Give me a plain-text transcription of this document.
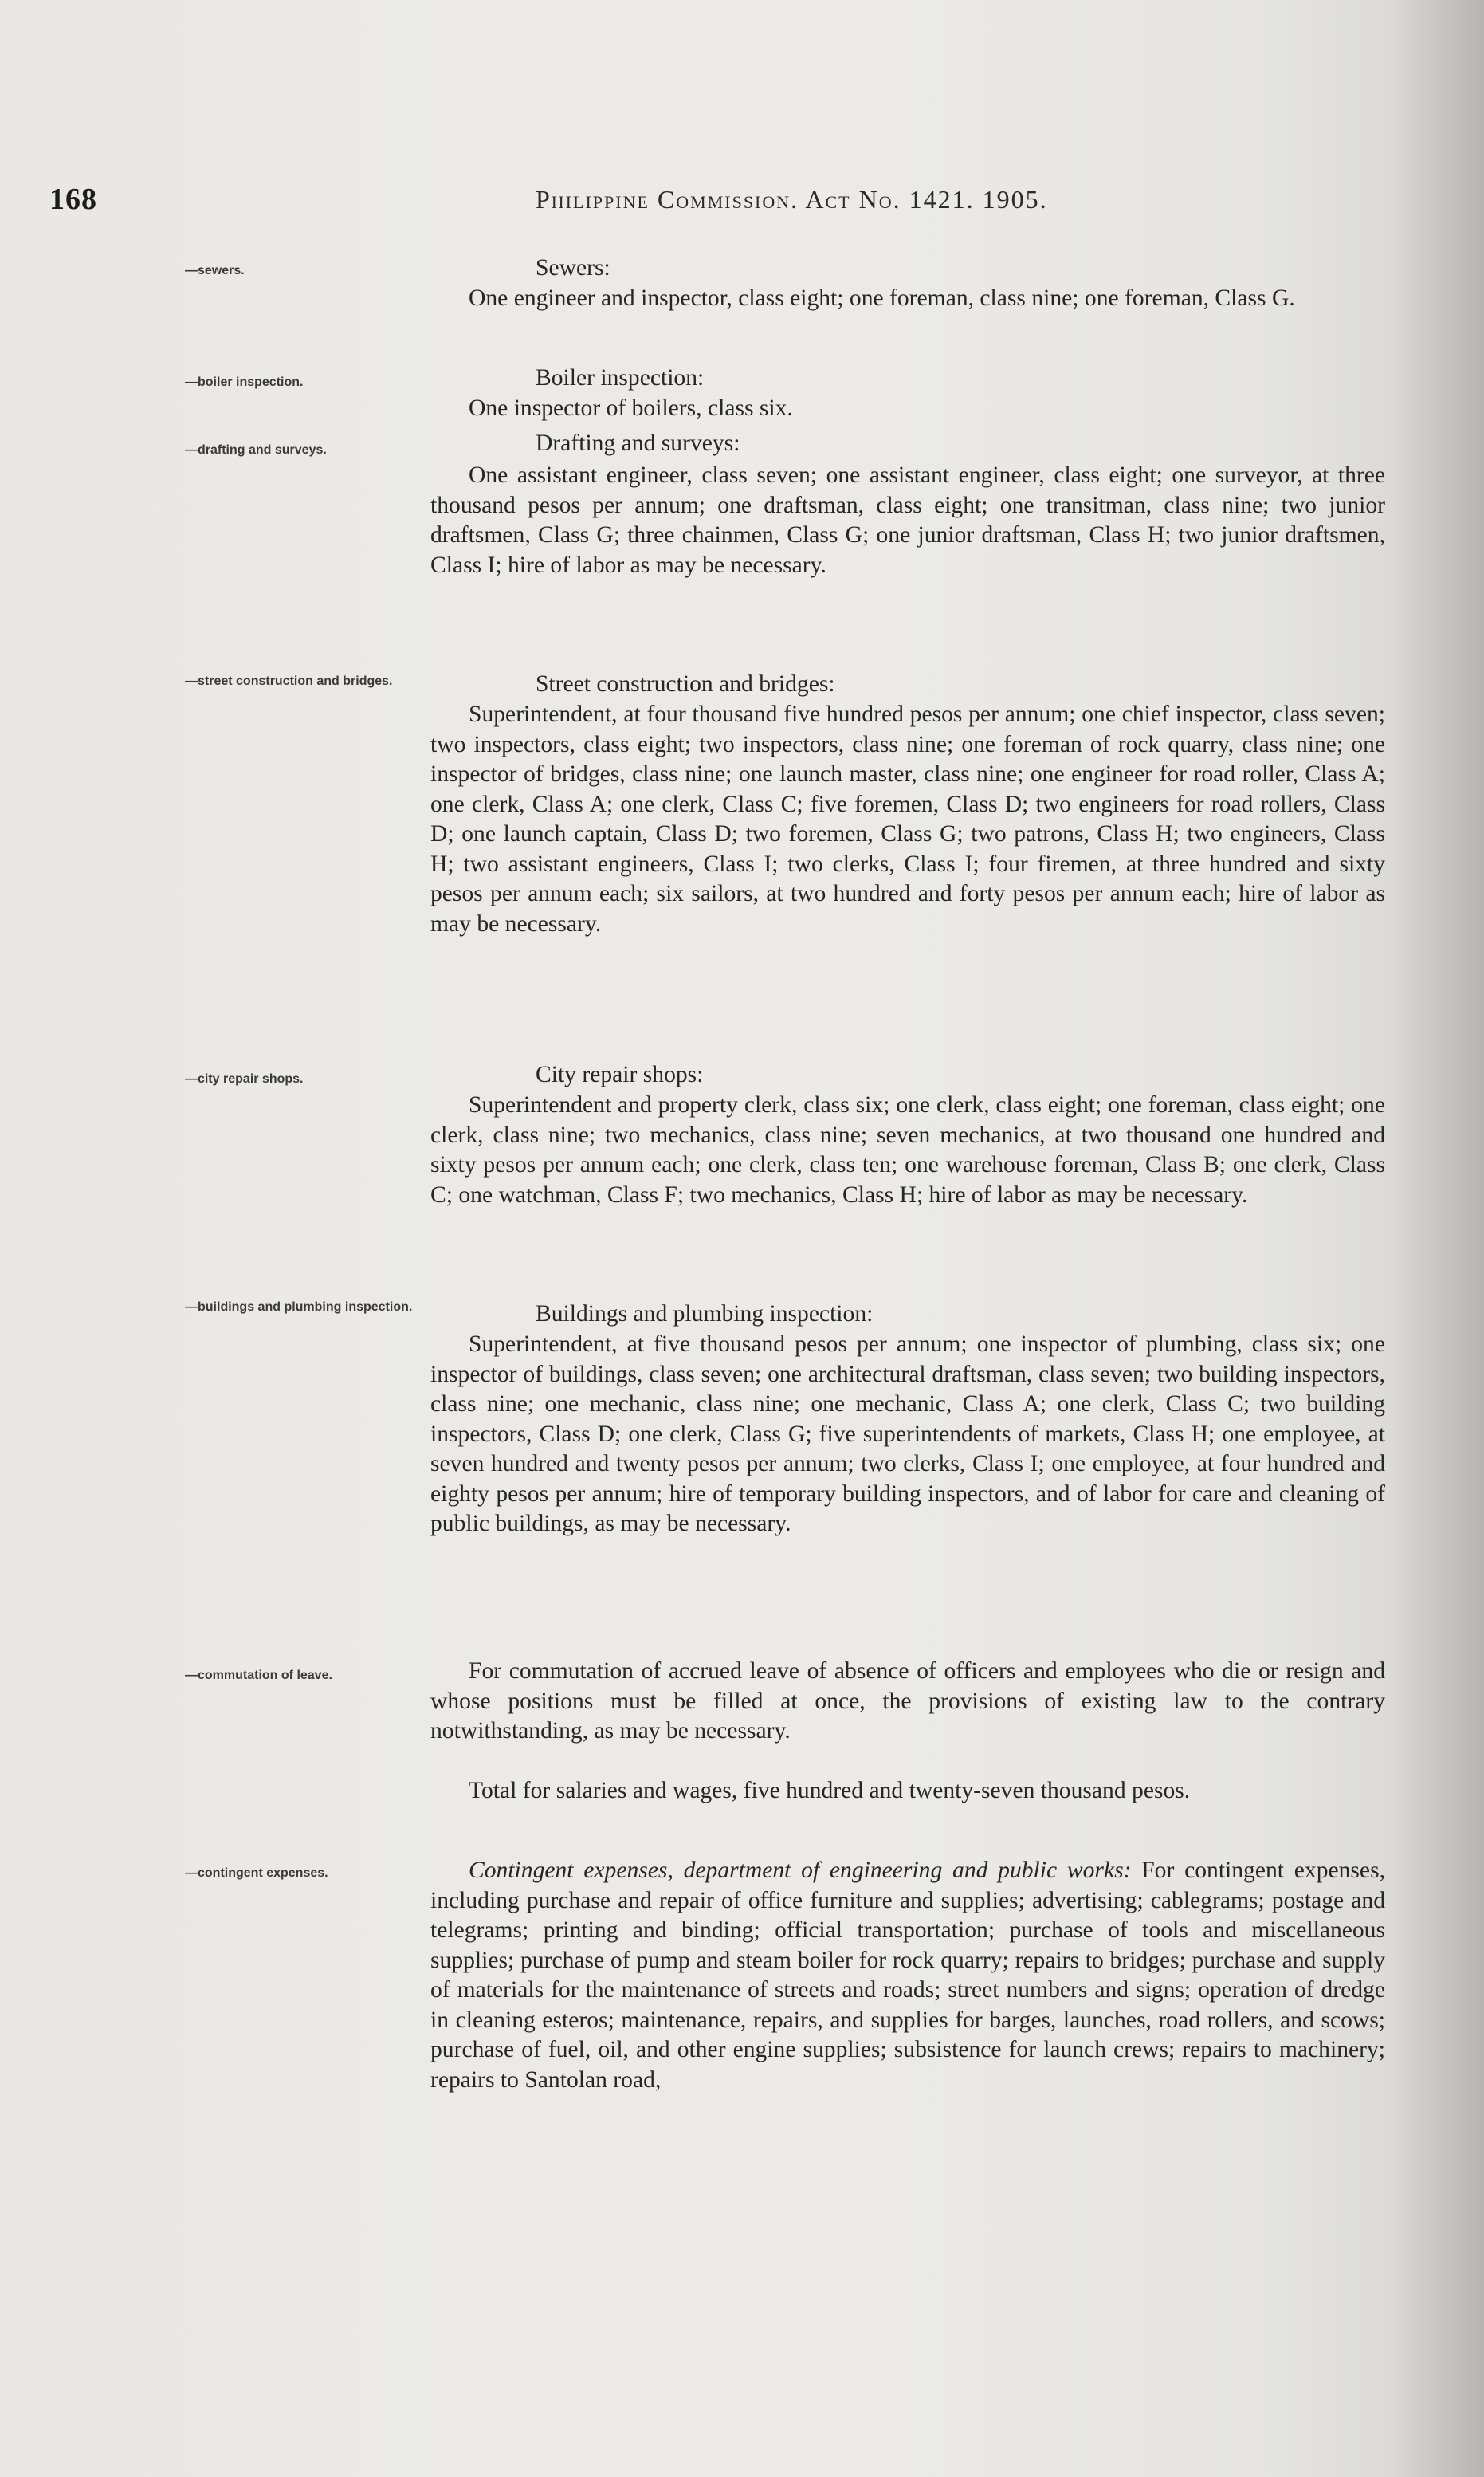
168	Philippine Commission. Act No. 1421. 1905.
—sewers.	Sewers:
One engineer and inspector, class eight; one foreman, class nine; one foreman, Class G.
—boiler inspection.	Boiler inspection:
One inspector of boilers, class six.
—drafting and surveys.	Drafting and surveys:
One assistant engineer, class seven; one assistant engineer, class eight; one surveyor, at three thousand pesos per annum; one draftsman, class eight; one transitman, class nine; two junior draftsmen, Class G; three chainmen, Class G; one junior draftsman, Class H; two junior draftsmen, Class I; hire of labor as may be necessary.
—street construction and bridges.	Street construction and bridges:
Superintendent, at four thousand five hundred pesos per annum; one chief inspector, class seven; two inspectors, class eight; two inspectors, class nine; one foreman of rock quarry, class nine; one inspector of bridges, class nine; one launch master, class nine; one engineer for road roller, Class A; one clerk, Class A; one clerk, Class C; five foremen, Class D; two engineers for road rollers, Class D; one launch captain, Class D; two foremen, Class G; two patrons, Class H; two engineers, Class H; two assistant engineers, Class I; two clerks, Class I; four firemen, at three hundred and sixty pesos per annum each; six sailors, at two hundred and forty pesos per annum each; hire of labor as may be necessary.
—city repair shops.	City repair shops:
Superintendent and property clerk, class six; one clerk, class eight; one foreman, class eight; one clerk, class nine; two mechanics, class nine; seven mechanics, at two thousand one hundred and sixty pesos per annum each; one clerk, class ten; one warehouse foreman, Class B; one clerk, Class C; one watchman, Class F; two mechanics, Class H; hire of labor as may be necessary.
—buildings and plumbing inspection.	Buildings and plumbing inspection:
Superintendent, at five thousand pesos per annum; one inspector of plumbing, class six; one inspector of buildings, class seven; one architectural draftsman, class seven; two building inspectors, class nine; one mechanic, class nine; one mechanic, Class A; one clerk, Class C; two building inspectors, Class D; one clerk, Class G; five superintendents of markets, Class H; one employee, at seven hundred and twenty pesos per annum; two clerks, Class I; one employee, at four hundred and eighty pesos per annum; hire of temporary building inspectors, and of labor for care and cleaning of public buildings, as may be necessary.
—commutation of leave.	For commutation of accrued leave of absence of officers and employees who die or resign and whose positions must be filled at once, the provisions of existing law to the contrary notwithstanding, as may be necessary.
Total for salaries and wages, five hundred and twenty-seven thousand pesos.
—contingent expenses.	Contingent expenses, department of engineering and public works: For contingent expenses, including purchase and repair of office furniture and supplies; advertising; cablegrams; postage and telegrams; printing and binding; official transportation; purchase of tools and miscellaneous supplies; purchase of pump and steam boiler for rock quarry; repairs to bridges; purchase and supply of materials for the maintenance of streets and roads; street numbers and signs; operation of dredge in cleaning esteros; maintenance, repairs, and supplies for barges, launches, road rollers, and scows; purchase of fuel, oil, and other engine supplies; subsistence for launch crews; repairs to machinery; repairs to Santolan road,
